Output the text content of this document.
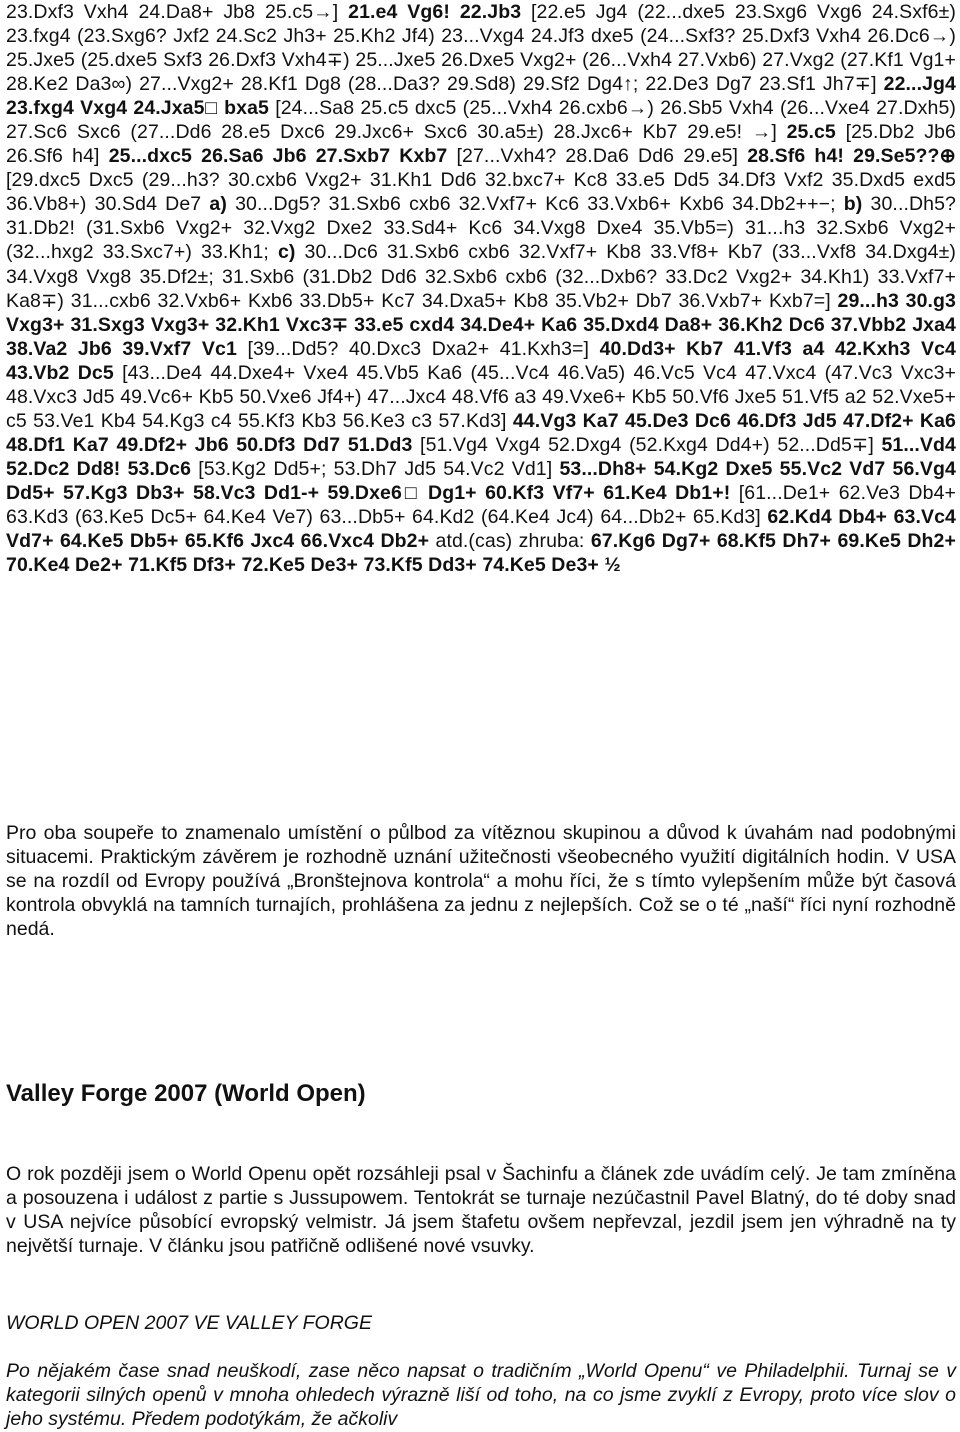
23.Dxf3 Vxh4 24.Da8+ Jb8 25.c5→] 21.e4 Vg6! 22.Jb3 [22.e5 Jg4 (22...dxe5 23.Sxg6 Vxg6 24.Sxf6±) 23.fxg4 (23.Sxg6? Jxf2 24.Sc2 Jh3+ 25.Kh2 Jf4) 23...Vxg4 24.Jf3 dxe5 (24...Sxf3? 25.Dxf3 Vxh4 26.Dc6→) 25.Jxe5 (25.dxe5 Sxf3 26.Dxf3 Vxh4∓) 25...Jxe5 26.Dxe5 Vxg2+ (26...Vxh4 27.Vxb6) 27.Vxg2 (27.Kf1 Vg1+ 28.Ke2 Da3∞) 27...Vxg2+ 28.Kf1 Dg8 (28...Da3? 29.Sd8) 29.Sf2 Dg4↑; 22.De3 Dg7 23.Sf1 Jh7∓] 22...Jg4 23.fxg4 Vxg4 24.Jxa5□ bxa5 [24...Sa8 25.c5 dxc5 (25...Vxh4 26.cxb6→) 26.Sb5 Vxh4 (26...Vxe4 27.Dxh5) 27.Sc6 Sxc6 (27...Dd6 28.e5 Dxc6 29.Jxc6+ Sxc6 30.a5±) 28.Jxc6+ Kb7 29.e5! →] 25.c5 [25.Db2 Jb6 26.Sf6 h4] 25...dxc5 26.Sa6 Jb6 27.Sxb7 Kxb7 [27...Vxh4? 28.Da6 Dd6 29.e5] 28.Sf6 h4! 29.Se5??⊕ [29.dxc5 Dxc5 (29...h3? 30.cxb6 Vxg2+ 31.Kh1 Dd6 32.bxc7+ Kc8 33.e5 Dd5 34.Df3 Vxf2 35.Dxd5 exd5 36.Vb8+) 30.Sd4 De7 a) 30...Dg5? 31.Sxb6 cxb6 32.Vxf7+ Kc6 33.Vxb6+ Kxb6 34.Db2++−; b) 30...Dh5? 31.Db2! (31.Sxb6 Vxg2+ 32.Vxg2 Dxe2 33.Sd4+ Kc6 34.Vxg8 Dxe4 35.Vb5=) 31...h3 32.Sxb6 Vxg2+ (32...hxg2 33.Sxc7+) 33.Kh1; c) 30...Dc6 31.Sxb6 cxb6 32.Vxf7+ Kb8 33.Vf8+ Kb7 (33...Vxf8 34.Dxg4±) 34.Vxg8 Vxg8 35.Df2±; 31.Sxb6 (31.Db2 Dd6 32.Sxb6 cxb6 (32...Dxb6? 33.Dc2 Vxg2+ 34.Kh1) 33.Vxf7+ Ka8∓) 31...cxb6 32.Vxb6+ Kxb6 33.Db5+ Kc7 34.Dxa5+ Kb8 35.Vb2+ Db7 36.Vxb7+ Kxb7=] 29...h3 30.g3 Vxg3+ 31.Sxg3 Vxg3+ 32.Kh1 Vxc3∓ 33.e5 cxd4 34.De4+ Ka6 35.Dxd4 Da8+ 36.Kh2 Dc6 37.Vbb2 Jxa4 38.Va2 Jb6 39.Vxf7 Vc1 [39...Dd5? 40.Dxc3 Dxa2+ 41.Kxh3=] 40.Dd3+ Kb7 41.Vf3 a4 42.Kxh3 Vc4 43.Vb2 Dc5 [43...De4 44.Dxe4+ Vxe4 45.Vb5 Ka6 (45...Vc4 46.Va5) 46.Vc5 Vc4 47.Vxc4 (47.Vc3 Vxc3+ 48.Vxc3 Jd5 49.Vc6+ Kb5 50.Vxe6 Jf4+) 47...Jxc4 48.Vf6 a3 49.Vxe6+ Kb5 50.Vf6 Jxe5 51.Vf5 a2 52.Vxe5+ c5 53.Ve1 Kb4 54.Kg3 c4 55.Kf3 Kb3 56.Ke3 c3 57.Kd3] 44.Vg3 Ka7 45.De3 Dc6 46.Df3 Jd5 47.Df2+ Ka6 48.Df1 Ka7 49.Df2+ Jb6 50.Df3 Dd7 51.Dd3 [51.Vg4 Vxg4 52.Dxg4 (52.Kxg4 Dd4+) 52...Dd5∓] 51...Vd4 52.Dc2 Dd8! 53.Dc6 [53.Kg2 Dd5+; 53.Dh7 Jd5 54.Vc2 Vd1] 53...Dh8+ 54.Kg2 Dxe5 55.Vc2 Vd7 56.Vg4 Dd5+ 57.Kg3 Db3+ 58.Vc3 Dd1-+ 59.Dxe6□ Dg1+ 60.Kf3 Vf7+ 61.Ke4 Db1+! [61...De1+ 62.Ve3 Db4+ 63.Kd3 (63.Ke5 Dc5+ 64.Ke4 Ve7) 63...Db5+ 64.Kd2 (64.Ke4 Jc4) 64...Db2+ 65.Kd3] 62.Kd4 Db4+ 63.Vc4 Vd7+ 64.Ke5 Db5+ 65.Kf6 Jxc4 66.Vxc4 Db2+ atd.(cas) zhruba: 67.Kg6 Dg7+ 68.Kf5 Dh7+ 69.Ke5 Dh2+ 70.Ke4 De2+ 71.Kf5 Df3+ 72.Ke5 De3+ 73.Kf5 Dd3+ 74.Ke5 De3+ ½

Pro oba soupeře to znamenalo umístění o půlbod za vítěznou skupinou a důvod k úvahám nad podobnými situacemi. Praktickým závěrem je rozhodně uznání užitečnosti všeobecného využití digitálních hodin. V USA se na rozdíl od Evropy používá „Bronštejnova kontrola“ a mohu říci, že s tímto vylepšením může být časová kontrola obvyklá na tamních turnajích, prohlášena za jednu z nejlepších. Což se o té „naší“ říci nyní rozhodně nedá.

Valley Forge 2007 (World Open)

O rok později jsem o World Openu opět rozsáhleji psal v Šachinfu a článek zde uvádím celý. Je tam zmíněna a posouzena i událost z partie s Jussupowem. Tentokrát se turnaje nezúčastnil Pavel Blatný, do té doby snad v USA nejvíce působící evropský velmistr. Já jsem štafetu ovšem nepřevzal, jezdil jsem jen výhradně na ty největší turnaje. V článku jsou patřičně odlišené nové vsuvky.

WORLD OPEN 2007 VE VALLEY FORGE

Po nějakém čase snad neuškodí, zase něco napsat o tradičním „World Openu“ ve Philadelphii. Turnaj se v kategorii silných openů v mnoha ohledech výrazně liší od toho, na co jsme zvyklí z Evropy, proto více slov o jeho systému. Předem podotýkám, že ačkoliv
